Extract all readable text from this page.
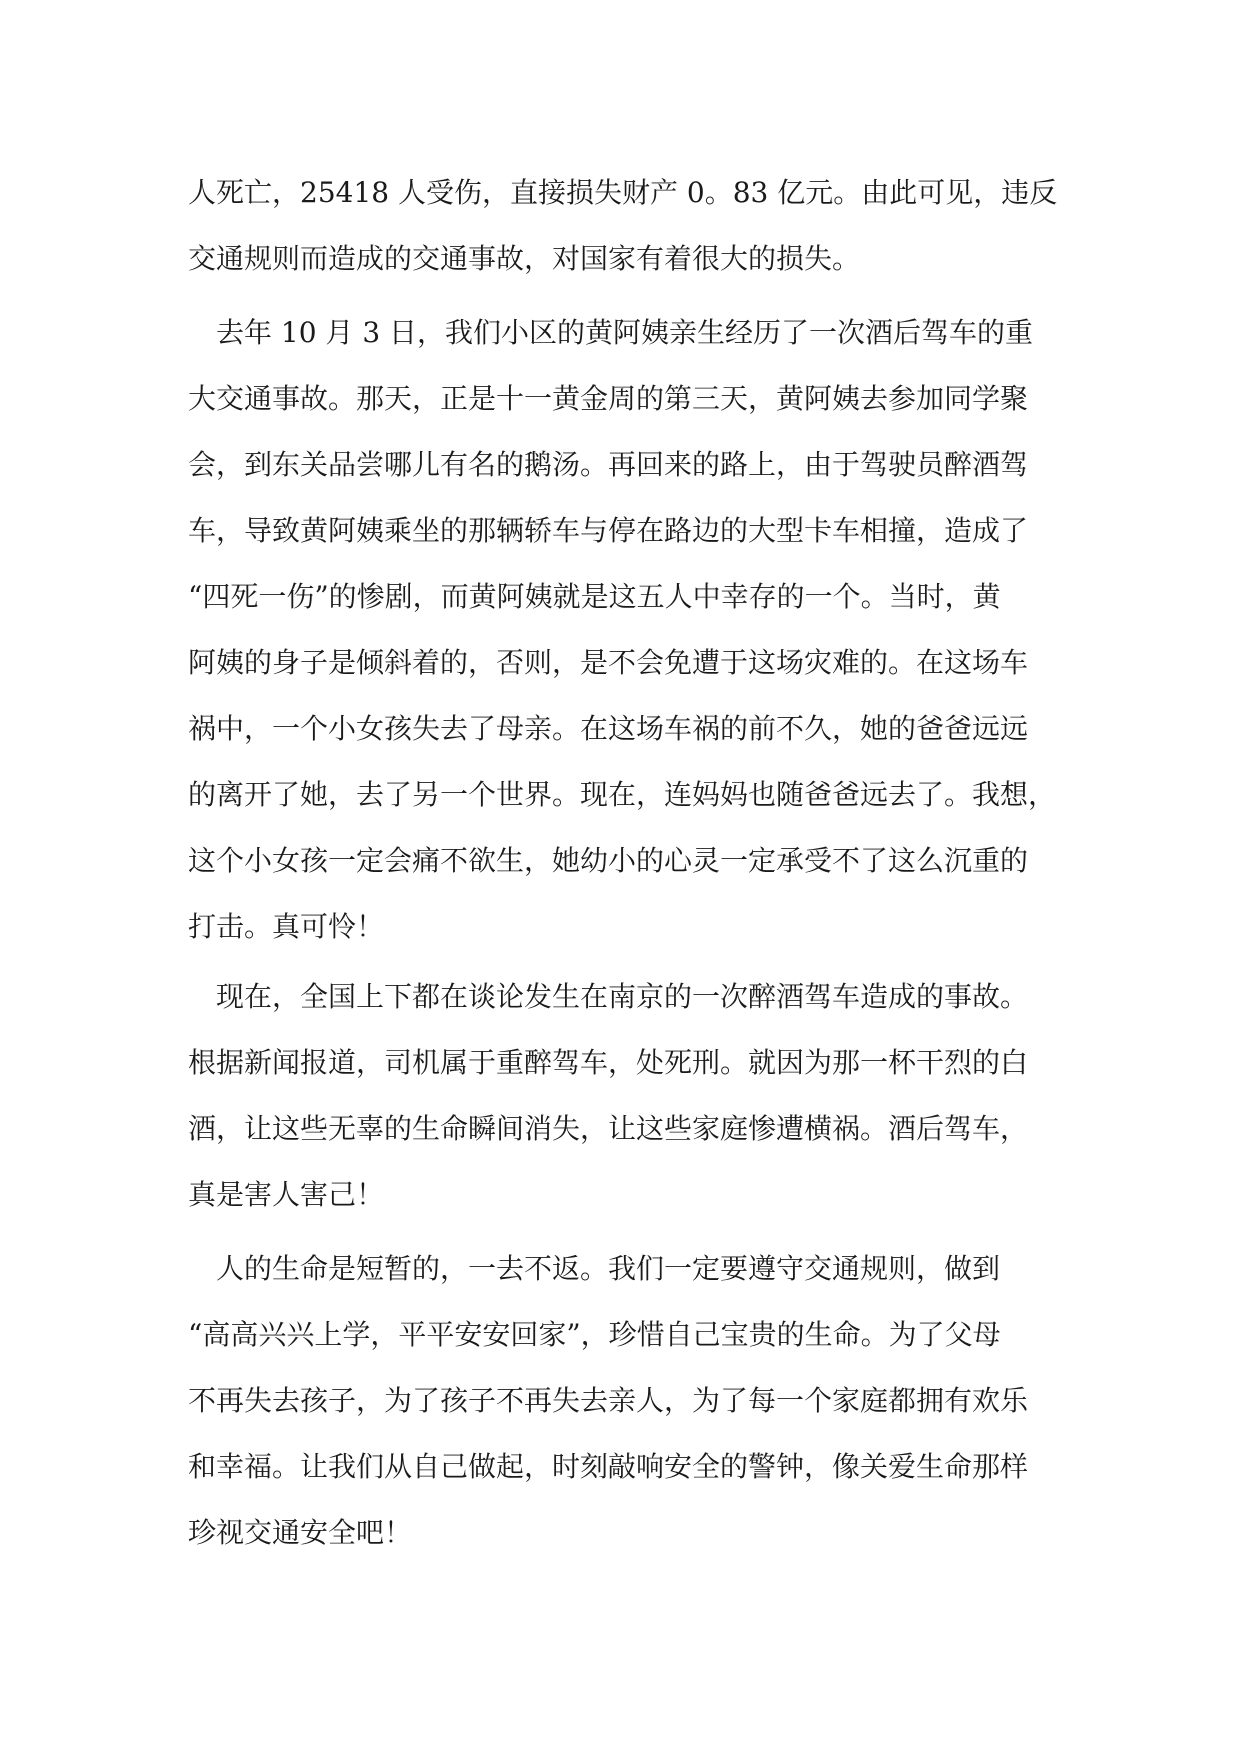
人死亡，25418 人受伤，直接损失财产 0。83 亿元。由此可见，违反
交通规则而造成的交通事故，对国家有着很大的损失。
　去年 10 月 3 日，我们小区的黄阿姨亲生经历了一次酒后驾车的重
大交通事故。那天，正是十一黄金周的第三天，黄阿姨去参加同学聚
会，到东关品尝哪儿有名的鹅汤。再回来的路上，由于驾驶员醉酒驾
车，导致黄阿姨乘坐的那辆轿车与停在路边的大型卡车相撞，造成了
“四死一伤”的惨剧，而黄阿姨就是这五人中幸存的一个。当时，黄
阿姨的身子是倾斜着的，否则，是不会免遭于这场灾难的。在这场车
祸中，一个小女孩失去了母亲。在这场车祸的前不久，她的爸爸远远
的离开了她，去了另一个世界。现在，连妈妈也随爸爸远去了。我想，
这个小女孩一定会痛不欲生，她幼小的心灵一定承受不了这么沉重的
打击。真可怜！
　现在，全国上下都在谈论发生在南京的一次醉酒驾车造成的事故。
根据新闻报道，司机属于重醉驾车，处死刑。就因为那一杯干烈的白
酒，让这些无辜的生命瞬间消失，让这些家庭惨遭横祸。酒后驾车，
真是害人害己！
　人的生命是短暂的，一去不返。我们一定要遵守交通规则，做到
“高高兴兴上学，平平安安回家”，珍惜自己宝贵的生命。为了父母
不再失去孩子，为了孩子不再失去亲人，为了每一个家庭都拥有欢乐
和幸福。让我们从自己做起，时刻敲响安全的警钟，像关爱生命那样
珍视交通安全吧！
